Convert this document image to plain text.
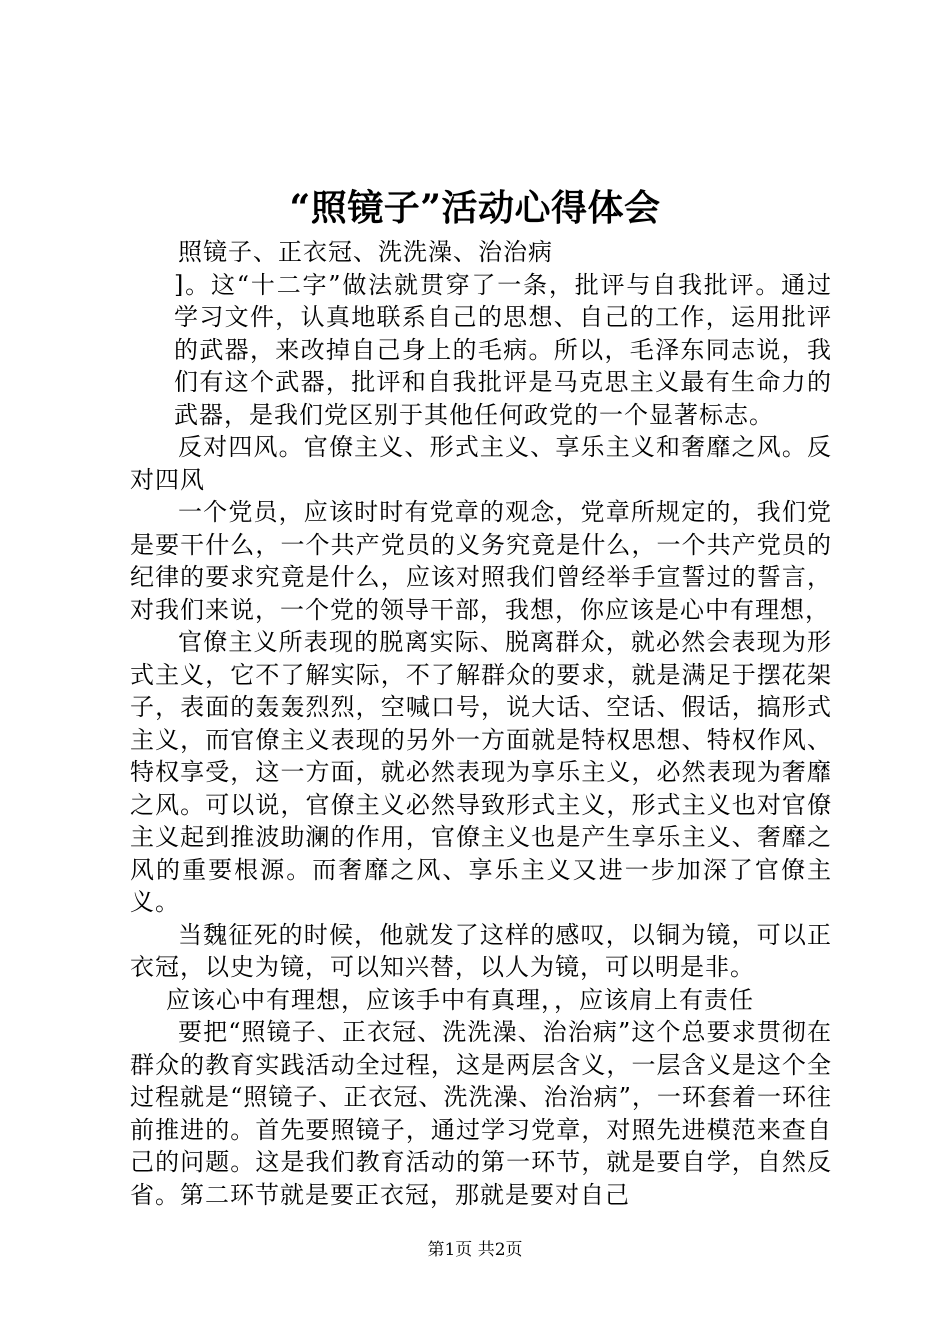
“照镜子”活动心得体会

照镜子、正衣冠、洗洗澡、治治病

]。这“十二字”做法就贯穿了一条，批评与自我批评。通过学习文件，认真地联系自己的思想、自己的工作，运用批评的武器，来改掉自己身上的毛病。所以，毛泽东同志说，我们有这个武器，批评和自我批评是马克思主义最有生命力的武器，是我们党区别于其他任何政党的一个显著标志。

反对四风。官僚主义、形式主义、享乐主义和奢靡之风。反对四风

一个党员，应该时时有党章的观念，党章所规定的，我们党是要干什么，一个共产党员的义务究竟是什么，一个共产党员的纪律的要求究竟是什么，应该对照我们曾经举手宣誓过的誓言，对我们来说，一个党的领导干部，我想，你应该是心中有理想，

官僚主义所表现的脱离实际、脱离群众，就必然会表现为形式主义，它不了解实际，不了解群众的要求，就是满足于摆花架子，表面的轰轰烈烈，空喊口号，说大话、空话、假话，搞形式主义，而官僚主义表现的另外一方面就是特权思想、特权作风、特权享受，这一方面，就必然表现为享乐主义，必然表现为奢靡之风。可以说，官僚主义必然导致形式主义，形式主义也对官僚主义起到推波助澜的作用，官僚主义也是产生享乐主义、奢靡之风的重要根源。而奢靡之风、享乐主义又进一步加深了官僚主义。

当魏征死的时候，他就发了这样的感叹，以铜为镜，可以正衣冠，以史为镜，可以知兴替，以人为镜，可以明是非。

应该心中有理想，应该手中有真理，，应该肩上有责任

要把“照镜子、正衣冠、洗洗澡、治治病”这个总要求贯彻在群众的教育实践活动全过程，这是两层含义，一层含义是这个全过程就是“照镜子、正衣冠、洗洗澡、治治病”，一环套着一环往前推进的。首先要照镜子，通过学习党章，对照先进模范来查自己的问题。这是我们教育活动的第一环节，就是要自学，自然反省。第二环节就是要正衣冠，那就是要对自己

第1页 共2页
